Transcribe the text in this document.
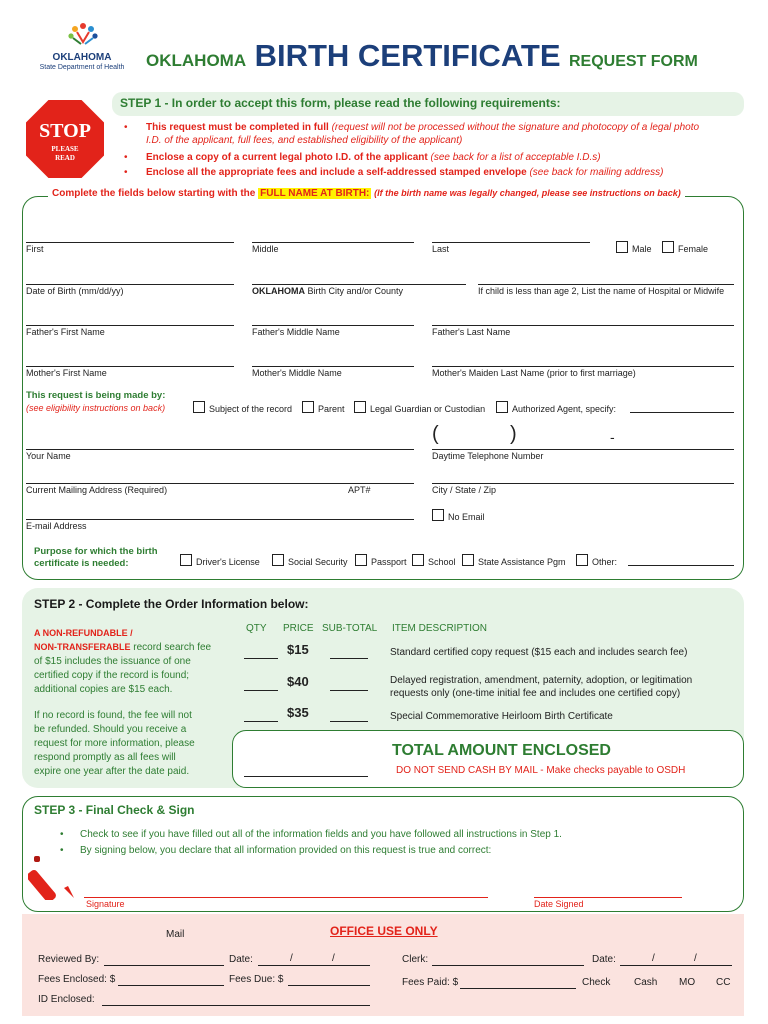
OKLAHOMA
State Department of Health	OKLAHOMA BIRTH CERTIFICATE REQUEST FORM
STOP
PLEASE
READ
STEP 1 - In order to accept this form, please read the following requirements:
• This request must be completed in full (request will not be processed without the signature and photocopy of a legal photo
I.D. of the applicant, full fees, and established eligibility of the applicant)
• Enclose a copy of a current legal photo I.D. of the applicant (see back for a list of acceptable I.D.s)
• Enclose all the appropriate fees and include a self-addressed stamped envelope (see back for mailing address)
Complete the fields below starting with the FULL NAME AT BIRTH: (If the birth name was legally changed, please see instructions on back)
First	Middle	Last	Male	Female
Date of Birth (mm/dd/yy)	OKLAHOMA Birth City and/or County	If child is less than age 2, List the name of Hospital or Midwife
Father's First Name	Father's Middle Name	Father's Last Name
Mother's First Name	Mother's Middle Name	Mother's Maiden Last Name (prior to first marriage)
This request is being made by:
(see eligibility instructions on back)	Subject of the record	Parent	Legal Guardian or Custodian	Authorized Agent, specify:
(	)	-
Your Name	Daytime Telephone Number
Current Mailing Address (Required)	APT#	City / State / Zip
E-mail Address
No Email
Purpose for which the birth
certificate is needed:	Driver's License	Social Security	Passport	School	State Assistance Pgm	Other:
STEP 2 - Complete the Order Information below:
A NON-REFUNDABLE /
NON-TRANSFERABLE record search fee
of $15 includes the issuance of one
certified copy if the record is found;
additional copies are $15 each.
If no record is found, the fee will not
be refunded. Should you receive a
request for more information, please
respond promptly as all fees will
expire one year after the date paid.
QTY PRICE SUB-TOTAL ITEM DESCRIPTION
$15	Standard certified copy request ($15 each and includes search fee)
$40	Delayed registration, amendment, paternity, adoption, or legitimation
requests only (one-time initial fee and includes one certified copy)
$35	Special Commemorative Heirloom Birth Certificate
TOTAL AMOUNT ENCLOSED
DO NOT SEND CASH BY MAIL - Make checks payable to OSDH
STEP 3 - Final Check & Sign
• Check to see if you have filled out all of the information fields and you have followed all instructions in Step 1.
• By signing below, you declare that all information provided on this request is true and correct:
Signature	Date Signed
Mail	OFFICE USE ONLY
Reviewed By:	Date:	/	/	Clerk:	Date:	/	/
Fees Enclosed: $	Fees Due: $	Fees Paid: $	Check Cash MO CC
ID Enclosed:
